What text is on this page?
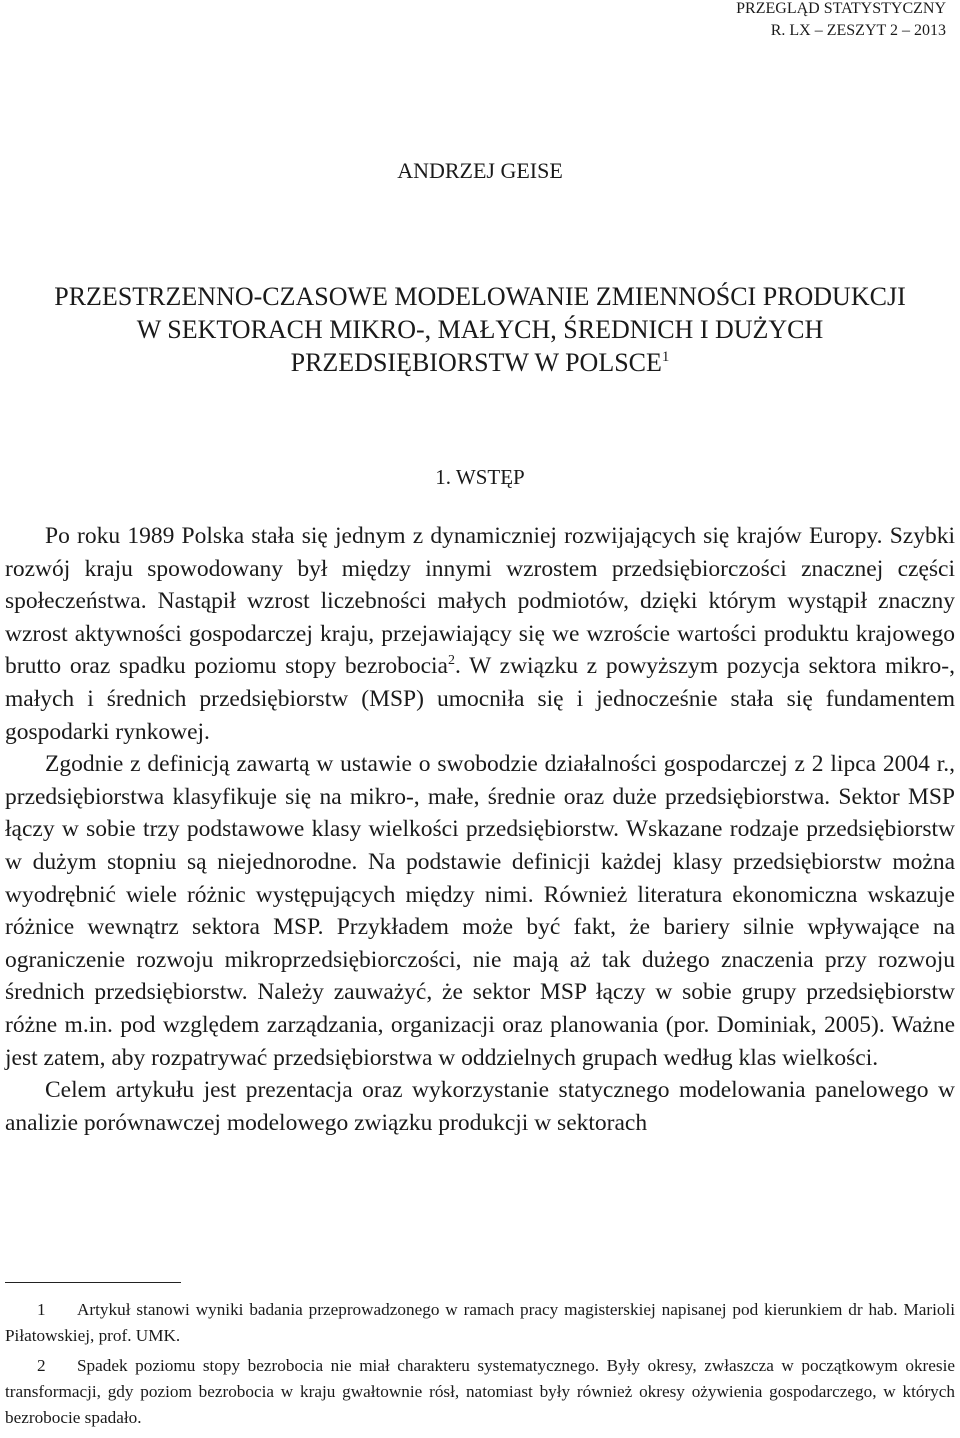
PRZEGLĄD STATYSTYCZNY
R. LX – ZESZYT 2 – 2013
ANDRZEJ GEISE
PRZESTRZENNO-CZASOWE MODELOWANIE ZMIENNOŚCI PRODUKCJI
W SEKTORACH MIKRO-, MAŁYCH, ŚREDNICH I DUŻYCH
PRZEDSIĘBIORSTW W POLSCE$^1$
1. WSTĘP

Po roku 1989 Polska stała się jednym z dynamiczniej rozwijających się krajów Europy. Szybki rozwój kraju spowodowany był między innymi wzrostem przedsiębiorczości znacznej części społeczeństwa. Nastąpił wzrost liczebności małych podmiotów, dzięki którym wystąpił znaczny wzrost aktywności gospodarczej kraju, przejawiający się we wzroście wartości produktu krajowego brutto oraz spadku poziomu stopy bezrobocia$^2$. W związku z powyższym pozycja sektora mikro-, małych i średnich przedsiębiorstw (MSP) umocniła się i jednocześnie stała się fundamentem gospodarki rynkowej.

Zgodnie z definicją zawartą w ustawie o swobodzie działalności gospodarczej z 2 lipca 2004 r., przedsiębiorstwa klasyfikuje się na mikro-, małe, średnie oraz duże przedsiębiorstwa. Sektor MSP łączy w sobie trzy podstawowe klasy wielkości przedsiębiorstw. Wskazane rodzaje przedsiębiorstw w dużym stopniu są niejednorodne. Na podstawie definicji każdej klasy przedsiębiorstw można wyodrębnić wiele różnic występujących między nimi. Również literatura ekonomiczna wskazuje różnice wewnątrz sektora MSP. Przykładem może być fakt, że bariery silnie wpływające na ograniczenie rozwoju mikroprzedsiębiorczości, nie mają aż tak dużego znaczenia przy rozwoju średnich przedsiębiorstw. Należy zauważyć, że sektor MSP łączy w sobie grupy przedsiębiorstw różne m.in. pod względem zarządzania, organizacji oraz planowania (por. Dominiak, 2005). Ważne jest zatem, aby rozpatrywać przedsiębiorstwa w oddzielnych grupach według klas wielkości.

Celem artykułu jest prezentacja oraz wykorzystanie statycznego modelowania panelowego w analizie porównawczej modelowego związku produkcji w sektorach

1 Artykuł stanowi wyniki badania przeprowadzonego w ramach pracy magisterskiej napisanej pod kierunkiem dr hab. Marioli Piłatowskiej, prof. UMK.

2 Spadek poziomu stopy bezrobocia nie miał charakteru systematycznego. Były okresy, zwłaszcza w początkowym okresie transformacji, gdy poziom bezrobocia w kraju gwałtownie rósł, natomiast były również okresy ożywienia gospodarczego, w których bezrobocie spadało.
